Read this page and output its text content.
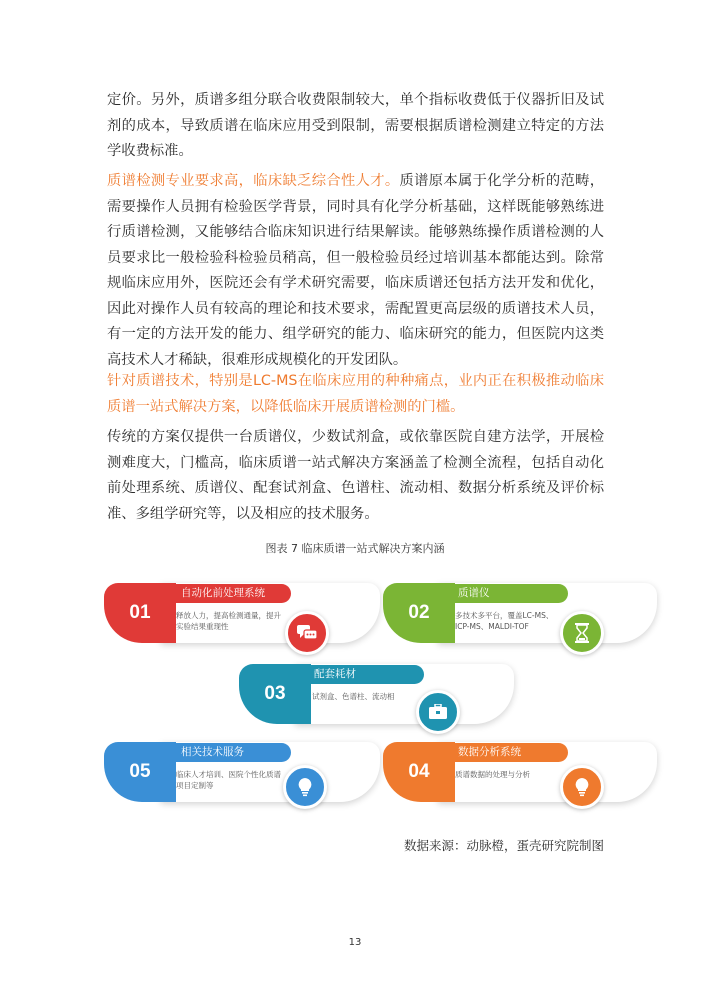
定价。另外，质谱多组分联合收费限制较大，单个指标收费低于仪器折旧及试剂的成本，导致质谱在临床应用受到限制，需要根据质谱检测建立特定的方法学收费标准。

质谱检测专业要求高，临床缺乏综合性人才。质谱原本属于化学分析的范畴，需要操作人员拥有检验医学背景，同时具有化学分析基础，这样既能够熟练进行质谱检测，又能够结合临床知识进行结果解读。能够熟练操作质谱检测的人员要求比一般检验科检验员稍高，但一般检验员经过培训基本都能达到。除常规临床应用外，医院还会有学术研究需要，临床质谱还包括方法开发和优化，因此对操作人员有较高的理论和技术要求，需配置更高层级的质谱技术人员，有一定的方法开发的能力、组学研究的能力、临床研究的能力，但医院内这类高技术人才稀缺，很难形成规模化的开发团队。

针对质谱技术，特别是LC-MS在临床应用的种种痛点，业内正在积极推动临床质谱一站式解决方案，以降低临床开展质谱检测的门槛。

传统的方案仅提供一台质谱仪，少数试剂盒，或依靠医院自建方法学，开展检测难度大，门槛高，临床质谱一站式解决方案涵盖了检测全流程，包括自动化前处理系统、质谱仪、配套试剂盒、色谱柱、流动相、数据分析系统及评价标准、多组学研究等，以及相应的技术服务。

图表 7 临床质谱一站式解决方案内涵
01
自动化前处理系统
释放人力，提高检测通量，提升实验结果重现性
02
质谱仪
多技术多平台，覆盖LC-MS、ICP-MS、MALDI-TOF
03
配套耗材
试剂盒、色谱柱、流动相
05
相关技术服务
临床人才培训、医院个性化质谱项目定制等
04
数据分析系统
质谱数据的处理与分析
数据来源：动脉橙，蛋壳研究院制图
13
